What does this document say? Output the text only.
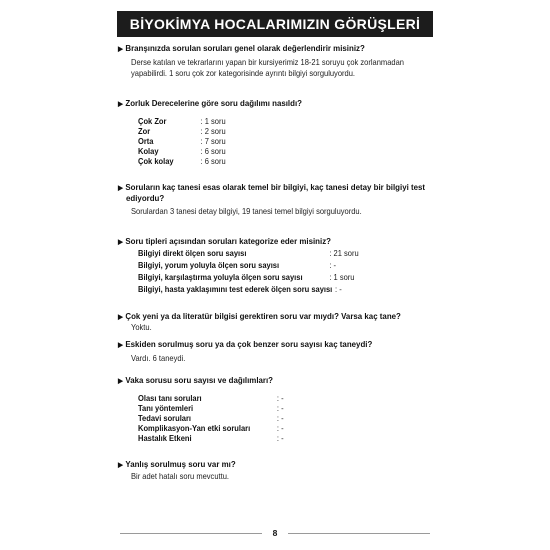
BİYOKİMYA HOCALARIMIZIN GÖRÜŞLERİ
▶ Branşınızda sorulan soruları genel olarak değerlendirir misiniz?
Derse katılan ve tekrarlarını yapan bir kursiyerimiz 18-21 soruyu çok zorlanmadan
yapabilirdi. 1 soru çok zor kategorisinde ayrıntı bilgiyi sorguluyordu.
▶ Zorluk Derecelerine göre soru dağılımı nasıldı?
Çok Zor	: 1 soru
Zor	: 2 soru
Orta	: 7 soru
Kolay	: 6 soru
Çok kolay	: 6 soru
▶ Soruların kaç tanesi esas olarak temel bir bilgiyi, kaç tanesi detay bir bilgiyi test
ediyordu?
Sorulardan 3 tanesi detay bilgiyi, 19 tanesi temel bilgiyi sorguluyordu.
▶ Soru tipleri açısından soruları kategorize eder misiniz?
Bilgiyi direkt ölçen soru sayısı	: 21 soru
Bilgiyi, yorum yoluyla ölçen soru sayısı	: -
Bilgiyi, karşılaştırma yoluyla ölçen soru sayısı	: 1 soru
Bilgiyi, hasta yaklaşımını test ederek ölçen soru sayısı : -
▶ Çok yeni ya da literatür bilgisi gerektiren soru var mıydı? Varsa kaç tane?
Yoktu.
▶ Eskiden sorulmuş soru ya da çok benzer soru sayısı kaç taneydi?
Vardı. 6 taneydi.
▶ Vaka sorusu soru sayısı ve dağılımları?
Olası tanı soruları	: -
Tanı yöntemleri	: -
Tedavi soruları	: -
Komplikasyon-Yan etki soruları	: -
Hastalık Etkeni	: -
▶ Yanlış sorulmuş soru var mı?
Bir adet hatalı soru mevcuttu.
8
